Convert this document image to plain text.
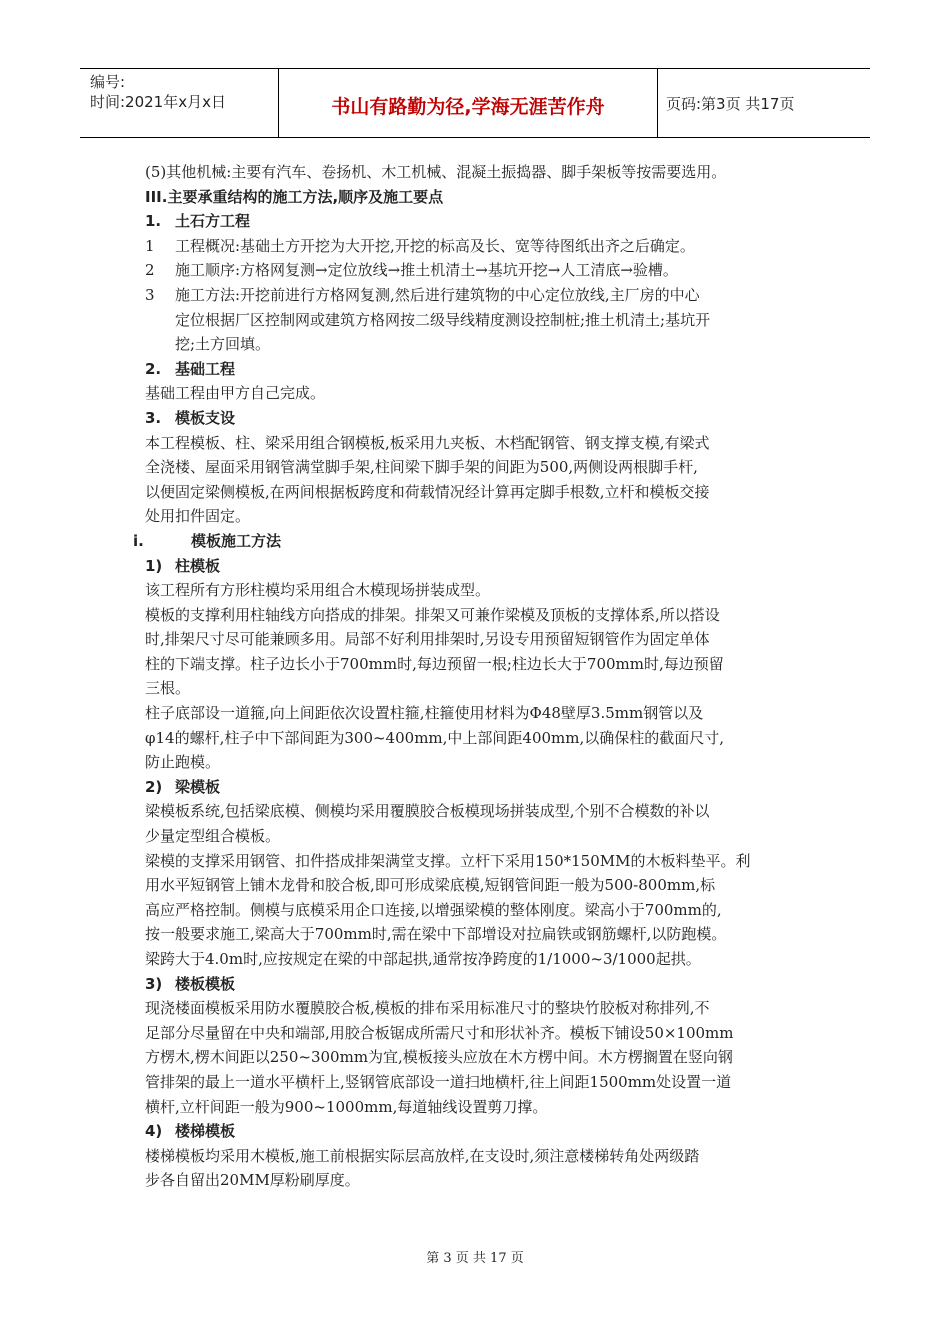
编号:
时间:2021年x月x日	书山有路勤为径,学海无涯苦作舟	页码:第3页 共17页
(5)其他机械:主要有汽车、卷扬机、木工机械、混凝土振捣器、脚手架板等按需要选用。
III.主要承重结构的施工方法,顺序及施工要点
1. 土石方工程
1 工程概况:基础土方开挖为大开挖,开挖的标高及长、宽等待图纸出齐之后确定。
2 施工顺序:方格网复测→定位放线→推土机清土→基坑开挖→人工清底→验槽。
3 施工方法:开挖前进行方格网复测,然后进行建筑物的中心定位放线,主厂房的中心
定位根据厂区控制网或建筑方格网按二级导线精度测设控制桩;推土机清土;基坑开
挖;土方回填。
2. 基础工程
基础工程由甲方自己完成。
3. 模板支设
本工程模板、柱、梁采用组合钢模板,板采用九夹板、木档配钢管、钢支撑支模,有梁式
全浇楼、屋面采用钢管满堂脚手架,柱间梁下脚手架的间距为500,两侧设两根脚手杆,
以便固定梁侧模板,在两间根据板跨度和荷载情况经计算再定脚手根数,立杆和模板交接
处用扣件固定。
i.	模板施工方法
1) 柱模板
该工程所有方形柱模均采用组合木模现场拼装成型。
模板的支撑利用柱轴线方向搭成的排架。排架又可兼作梁模及顶板的支撑体系,所以搭设
时,排架尺寸尽可能兼顾多用。局部不好利用排架时,另设专用预留短钢管作为固定单体
柱的下端支撑。柱子边长小于700mm时,每边预留一根;柱边长大于700mm时,每边预留
三根。
柱子底部设一道箍,向上间距依次设置柱箍,柱箍使用材料为Φ48壁厚3.5mm钢管以及
φ14的螺杆,柱子中下部间距为300~400mm,中上部间距400mm,以确保柱的截面尺寸,
防止跑模。
2) 梁模板
梁模板系统,包括梁底模、侧模均采用覆膜胶合板模现场拼装成型,个别不合模数的补以
少量定型组合模板。
梁模的支撑采用钢管、扣件搭成排架满堂支撑。立杆下采用150*150MM的木板料垫平。利
用水平短钢管上铺木龙骨和胶合板,即可形成梁底模,短钢管间距一般为500-800mm,标
高应严格控制。侧模与底模采用企口连接,以增强梁模的整体刚度。梁高小于700mm的,
按一般要求施工,梁高大于700mm时,需在梁中下部增设对拉扁铁或钢筋螺杆,以防跑模。
梁跨大于4.0m时,应按规定在梁的中部起拱,通常按净跨度的1/1000~3/1000起拱。
3) 楼板模板
现浇楼面模板采用防水覆膜胶合板,模板的排布采用标准尺寸的整块竹胶板对称排列,不
足部分尽量留在中央和端部,用胶合板锯成所需尺寸和形状补齐。模板下铺设50×100mm
方楞木,楞木间距以250~300mm为宜,模板接头应放在木方楞中间。木方楞搁置在竖向钢
管排架的最上一道水平横杆上,竖钢管底部设一道扫地横杆,往上间距1500mm处设置一道
横杆,立杆间距一般为900~1000mm,每道轴线设置剪刀撑。
4) 楼梯模板
楼梯模板均采用木模板,施工前根据实际层高放样,在支设时,须注意楼梯转角处两级踏
步各自留出20MM厚粉刷厚度。
第 3 页 共 17 页
